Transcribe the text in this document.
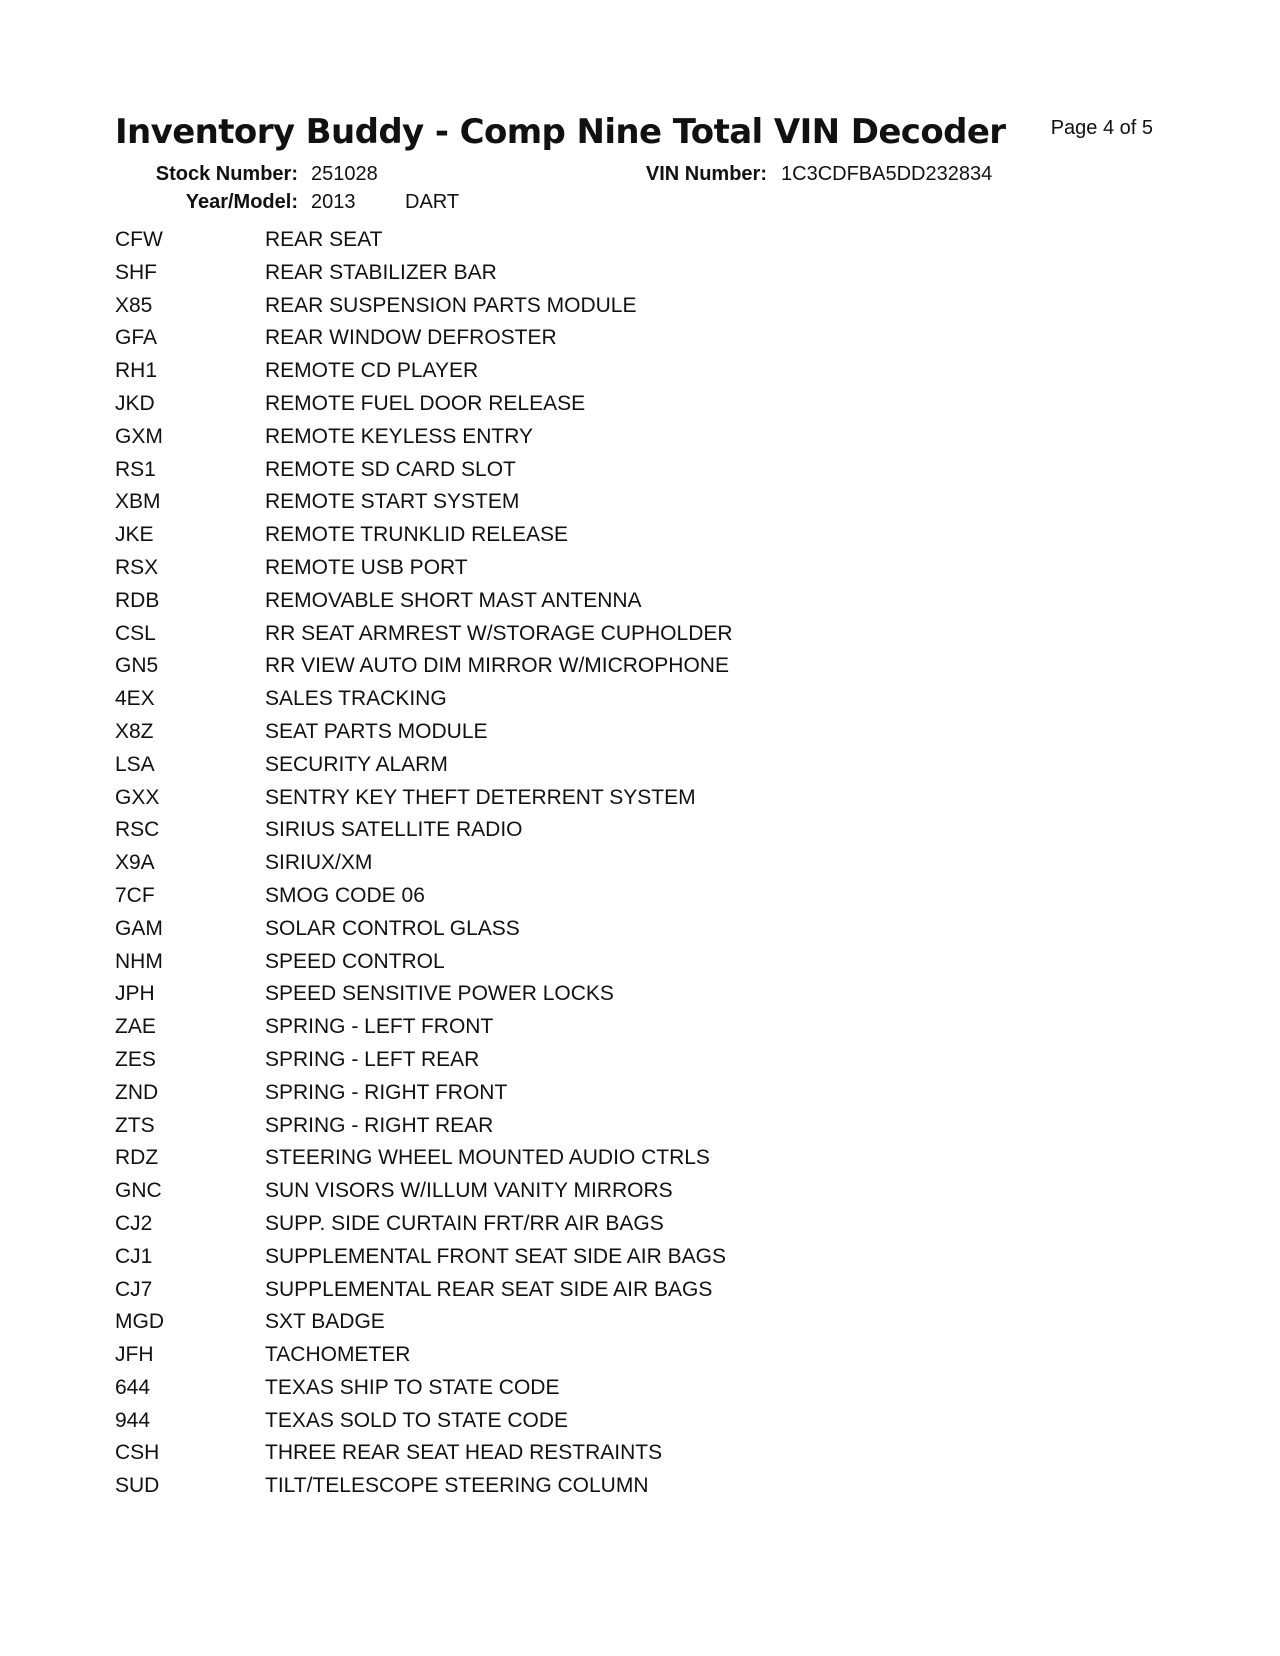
Inventory Buddy - Comp Nine Total VIN Decoder Page 4 of 5
Stock Number: 251028	VIN Number: 1C3CDFBA5DD232834
Year/Model: 2013 DART
CFW	REAR SEAT
SHF	REAR STABILIZER BAR
X85	REAR SUSPENSION PARTS MODULE
GFA	REAR WINDOW DEFROSTER
RH1	REMOTE CD PLAYER
JKD	REMOTE FUEL DOOR RELEASE
GXM	REMOTE KEYLESS ENTRY
RS1	REMOTE SD CARD SLOT
XBM	REMOTE START SYSTEM
JKE	REMOTE TRUNKLID RELEASE
RSX	REMOTE USB PORT
RDB	REMOVABLE SHORT MAST ANTENNA
CSL	RR SEAT ARMREST W/STORAGE CUPHOLDER
GN5	RR VIEW AUTO DIM MIRROR W/MICROPHONE
4EX	SALES TRACKING
X8Z	SEAT PARTS MODULE
LSA	SECURITY ALARM
GXX	SENTRY KEY THEFT DETERRENT SYSTEM
RSC	SIRIUS SATELLITE RADIO
X9A	SIRIUX/XM
7CF	SMOG CODE 06
GAM	SOLAR CONTROL GLASS
NHM	SPEED CONTROL
JPH	SPEED SENSITIVE POWER LOCKS
ZAE	SPRING - LEFT FRONT
ZES	SPRING - LEFT REAR
ZND	SPRING - RIGHT FRONT
ZTS	SPRING - RIGHT REAR
RDZ	STEERING WHEEL MOUNTED AUDIO CTRLS
GNC	SUN VISORS W/ILLUM VANITY MIRRORS
CJ2	SUPP. SIDE CURTAIN FRT/RR AIR BAGS
CJ1	SUPPLEMENTAL FRONT SEAT SIDE AIR BAGS
CJ7	SUPPLEMENTAL REAR SEAT SIDE AIR BAGS
MGD	SXT BADGE
JFH	TACHOMETER
644	TEXAS SHIP TO STATE CODE
944	TEXAS SOLD TO STATE CODE
CSH	THREE REAR SEAT HEAD RESTRAINTS
SUD	TILT/TELESCOPE STEERING COLUMN
